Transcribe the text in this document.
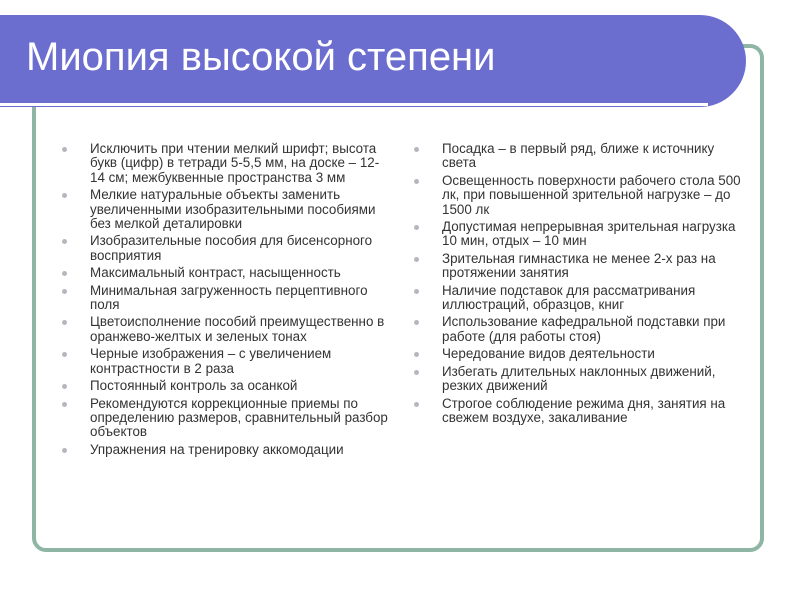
Миопия высокой степени
Исключить при чтении мелкий шрифт; высота букв (цифр) в тетради 5-5,5 мм, на доске – 12-14 см; межбуквенные пространства 3 мм
Мелкие натуральные объекты заменить увеличенными изобразительными пособиями без мелкой деталировки
Изобразительные пособия для бисенсорного восприятия
Максимальный контраст, насыщенность
Минимальная загруженность перцептивного поля
Цветоисполнение пособий преимущественно в оранжево-желтых и зеленых тонах
Черные изображения – с увеличением контрастности в 2 раза
Постоянный контроль за осанкой
Рекомендуются коррекционные приемы по определению размеров, сравнительный разбор объектов
Упражнения на тренировку аккомодации
Посадка – в первый ряд, ближе к источнику света
Освещенность поверхности рабочего стола 500 лк, при повышенной зрительной нагрузке – до 1500 лк
Допустимая непрерывная зрительная нагрузка 10 мин, отдых – 10 мин
Зрительная гимнастика не менее 2-х раз на протяжении занятия
Наличие подставок для рассматривания иллюстраций, образцов, книг
Использование кафедральной подставки при работе (для работы стоя)
Чередование видов деятельности
Избегать длительных наклонных движений, резких движений
Строгое соблюдение режима дня, занятия на свежем воздухе, закаливание
